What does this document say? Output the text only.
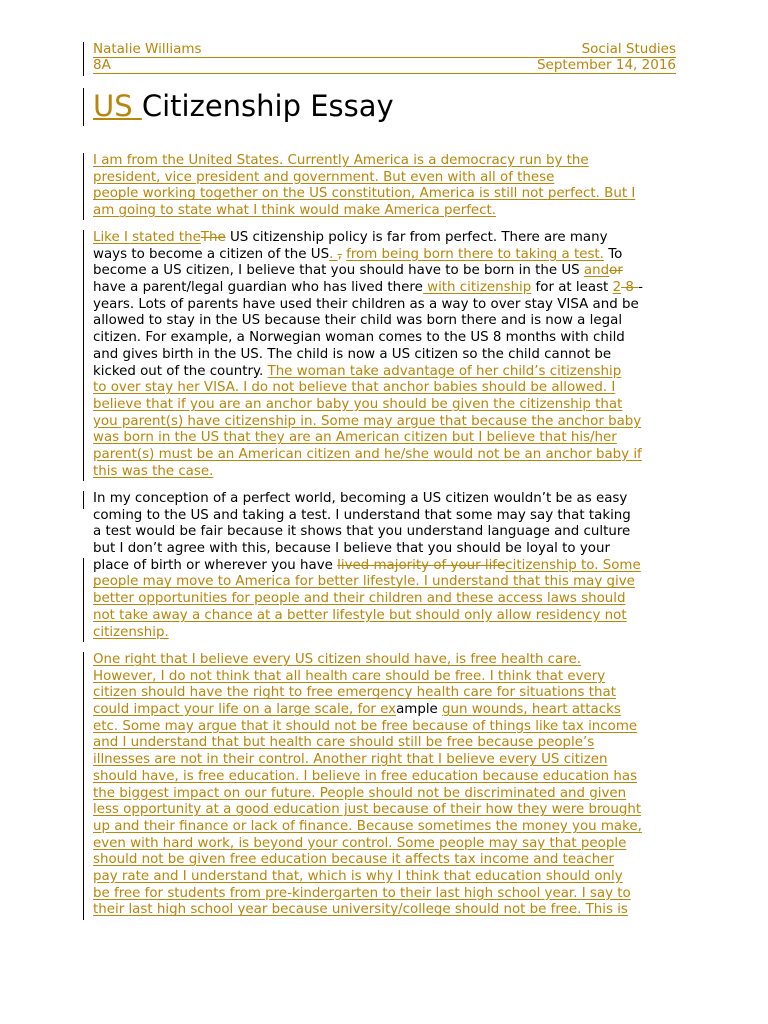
Natalie Williams	Social Studies
8A	September 14, 2016
US Citizenship Essay
I am from the United States. Currently America is a democracy run by the
president, vice president and government. But even with all of these
people working together on the US constitution, America is still not perfect. But I
am going to state what I think would make America perfect.
Like I stated theThe US citizenship policy is far from perfect. There are many
ways to become a citizen of the US. , from being born there to taking a test. To
become a US citizen, I believe that you should have to be born in the US andor
have a parent/legal guardian who has lived there with citizenship for at least 2 8 -
years. Lots of parents have used their children as a way to over stay VISA and be
allowed to stay in the US because their child was born there and is now a legal
citizen. For example, a Norwegian woman comes to the US 8 months with child
and gives birth in the US. The child is now a US citizen so the child cannot be
kicked out of the country. The woman take advantage of her child’s citizenship
to over stay her VISA. I do not believe that anchor babies should be allowed. I
believe that if you are an anchor baby you should be given the citizenship that
you parent(s) have citizenship in. Some may argue that because the anchor baby
was born in the US that they are an American citizen but I believe that his/her
parent(s) must be an American citizen and he/she would not be an anchor baby if
this was the case.
In my conception of a perfect world, becoming a US citizen wouldn’t be as easy
coming to the US and taking a test. I understand that some may say that taking
a test would be fair because it shows that you understand language and culture
but I don’t agree with this, because I believe that you should be loyal to your
place of birth or wherever you have lived majority of your lifecitizenship to. Some
people may move to America for better lifestyle. I understand that this may give
better opportunities for people and their children and these access laws should
not take away a chance at a better lifestyle but should only allow residency not
citizenship.
One right that I believe every US citizen should have, is free health care.
However, I do not think that all health care should be free. I think that every
citizen should have the right to free emergency health care for situations that
could impact your life on a large scale, for example gun wounds, heart attacks
etc. Some may argue that it should not be free because of things like tax income
and I understand that but health care should still be free because people’s
illnesses are not in their control. Another right that I believe every US citizen
should have, is free education. I believe in free education because education has
the biggest impact on our future. People should not be discriminated and given
less opportunity at a good education just because of their how they were brought
up and their finance or lack of finance. Because sometimes the money you make,
even with hard work, is beyond your control. Some people may say that people
should not be given free education because it affects tax income and teacher
pay rate and I understand that, which is why I think that education should only
be free for students from pre-kindergarten to their last high school year. I say to
their last high school year because university/college should not be free. This is
